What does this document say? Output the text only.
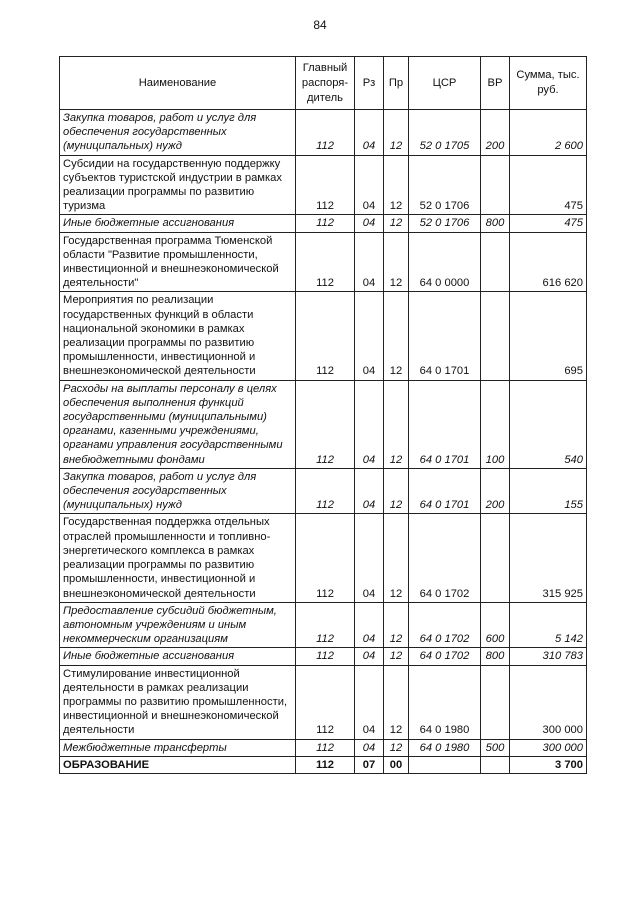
84
Наименование	Главный распоря-дитель	Рз	Пр	ЦСР	ВР	Сумма, тыс. руб.
Закупка товаров, работ и услуг для обеспечения государственных (муниципальных) нужд	112	04	12	52 0 1705	200	2 600
Субсидии на государственную поддержку субъектов туристской индустрии в рамках реализации программы по развитию туризма	112	04	12	52 0 1706		475
Иные бюджетные ассигнования	112	04	12	52 0 1706	800	475
Государственная программа Тюменской области "Развитие промышленности, инвестиционной и внешнеэкономической деятельности"	112	04	12	64 0 0000		616 620
Мероприятия по реализации государственных функций в области национальной экономики в рамках реализации программы по развитию промышленности, инвестиционной и внешнеэкономической деятельности	112	04	12	64 0 1701		695
Расходы на выплаты персоналу в целях обеспечения выполнения функций государственными (муниципальными) органами, казенными учреждениями, органами управления государственными внебюджетными фондами	112	04	12	64 0 1701	100	540
Закупка товаров, работ и услуг для обеспечения государственных (муниципальных) нужд	112	04	12	64 0 1701	200	155
Государственная поддержка отдельных отраслей промышленности и топливно-энергетического комплекса в рамках реализации программы по развитию промышленности, инвестиционной и внешнеэкономической деятельности	112	04	12	64 0 1702		315 925
Предоставление субсидий бюджетным, автономным учреждениям и иным некоммерческим организациям	112	04	12	64 0 1702	600	5 142
Иные бюджетные ассигнования	112	04	12	64 0 1702	800	310 783
Стимулирование инвестиционной деятельности в рамках реализации программы по развитию промышленности, инвестиционной и внешнеэкономической деятельности	112	04	12	64 0 1980		300 000
Межбюджетные трансферты	112	04	12	64 0 1980	500	300 000
ОБРАЗОВАНИЕ	112	07	00			3 700
